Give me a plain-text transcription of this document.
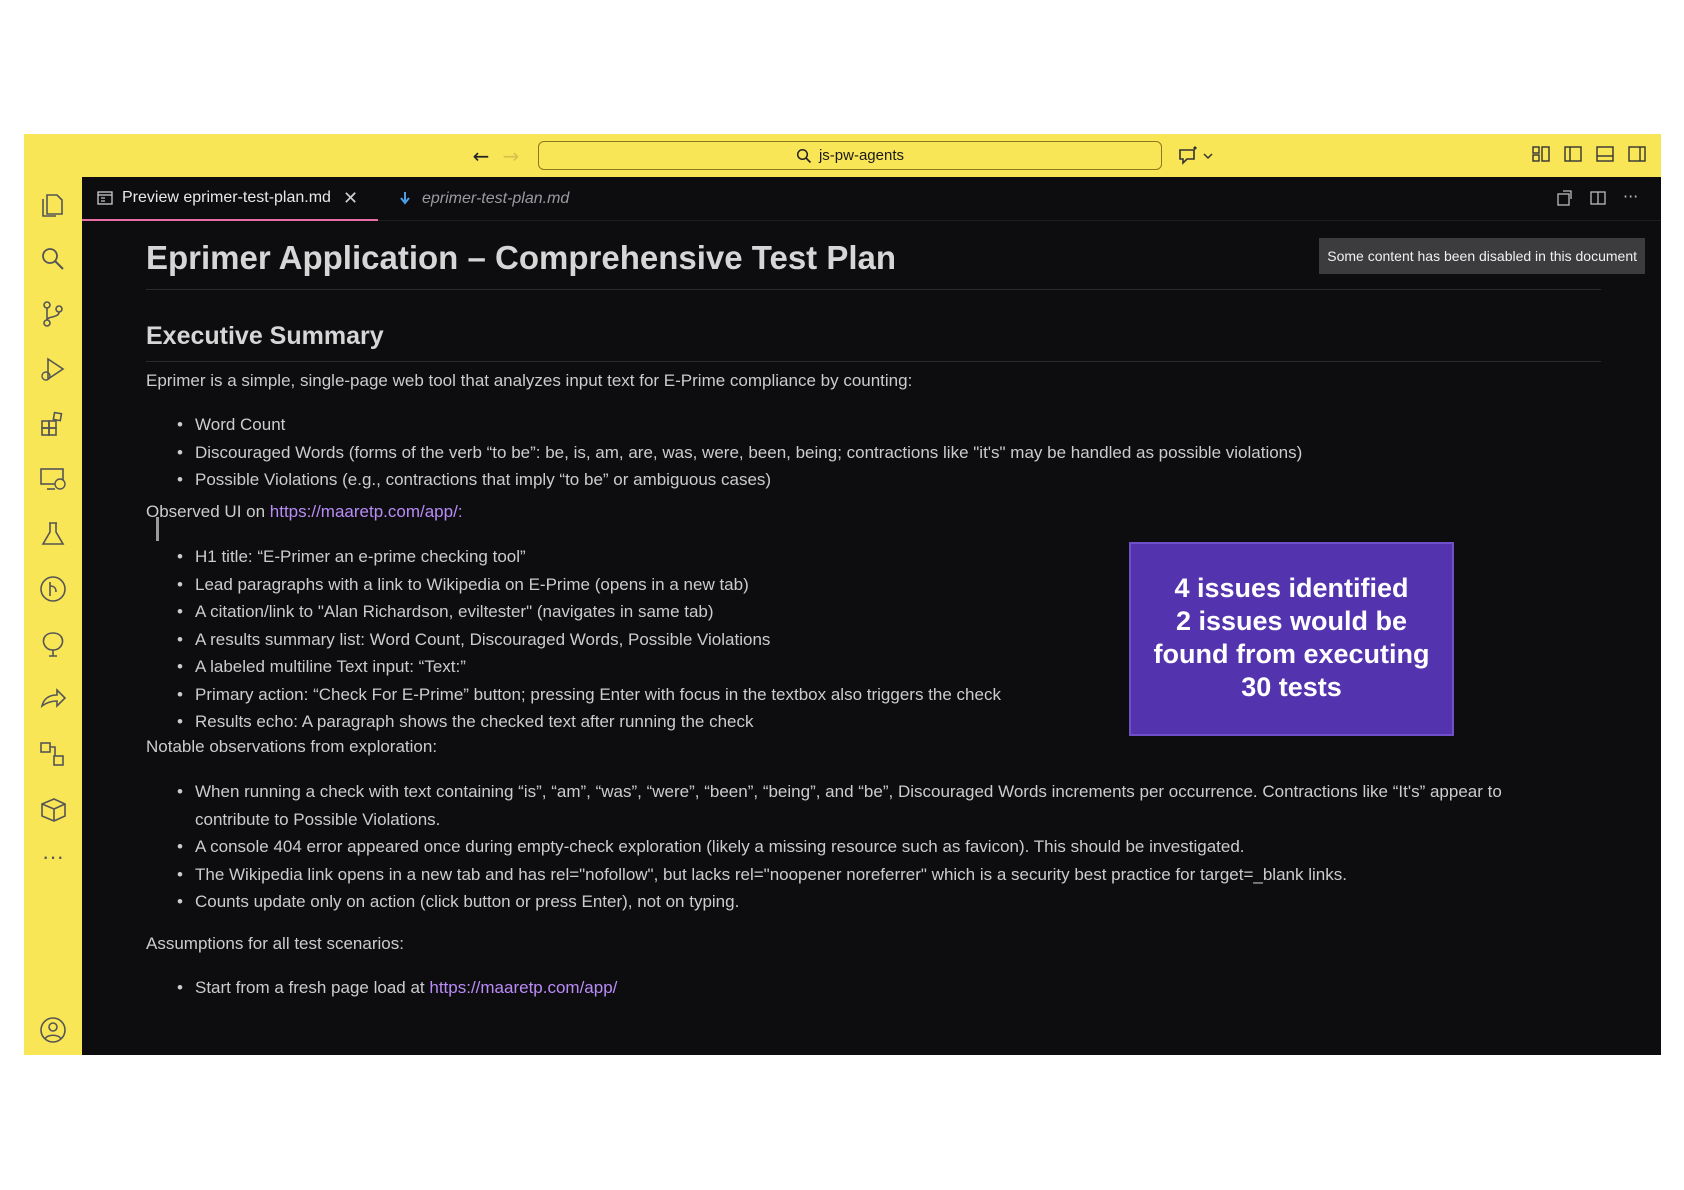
← →	js-pw-agents
···
Preview eprimer-test-plan.md ✕	eprimer-test-plan.md	···
Eprimer Application – Comprehensive Test Plan	Some content has been disabled in this document
Executive Summary
Eprimer is a simple, single-page web tool that analyzes input text for E-Prime compliance by counting:
• Word Count
• Discouraged Words (forms of the verb “to be”: be, is, am, are, was, were, been, being; contractions like "it's" may be handled as possible violations)
• Possible Violations (e.g., contractions that imply “to be” or ambiguous cases)
Observed UI on https://maaretp.com/app/:
• H1 title: “E-Primer an e-prime checking tool”
• Lead paragraphs with a link to Wikipedia on E-Prime (opens in a new tab)
• A citation/link to "Alan Richardson, eviltester" (navigates in same tab)
• A results summary list: Word Count, Discouraged Words, Possible Violations
• A labeled multiline Text input: “Text:”
• Primary action: “Check For E-Prime” button; pressing Enter with focus in the textbox also triggers the check
• Results echo: A paragraph shows the checked text after running the check
Notable observations from exploration:
• When running a check with text containing “is”, “am”, “was”, “were”, “been”, “being”, and “be”, Discouraged Words increments per occurrence. Contractions like “It's” appear to contribute to Possible Violations.
• A console 404 error appeared once during empty-check exploration (likely a missing resource such as favicon). This should be investigated.
• The Wikipedia link opens in a new tab and has rel="nofollow", but lacks rel="noopener noreferrer" which is a security best practice for target=_blank links.
• Counts update only on action (click button or press Enter), not on typing.
Assumptions for all test scenarios:
• Start from a fresh page load at https://maaretp.com/app/
4 issues identified
2 issues would be
found from executing
30 tests
